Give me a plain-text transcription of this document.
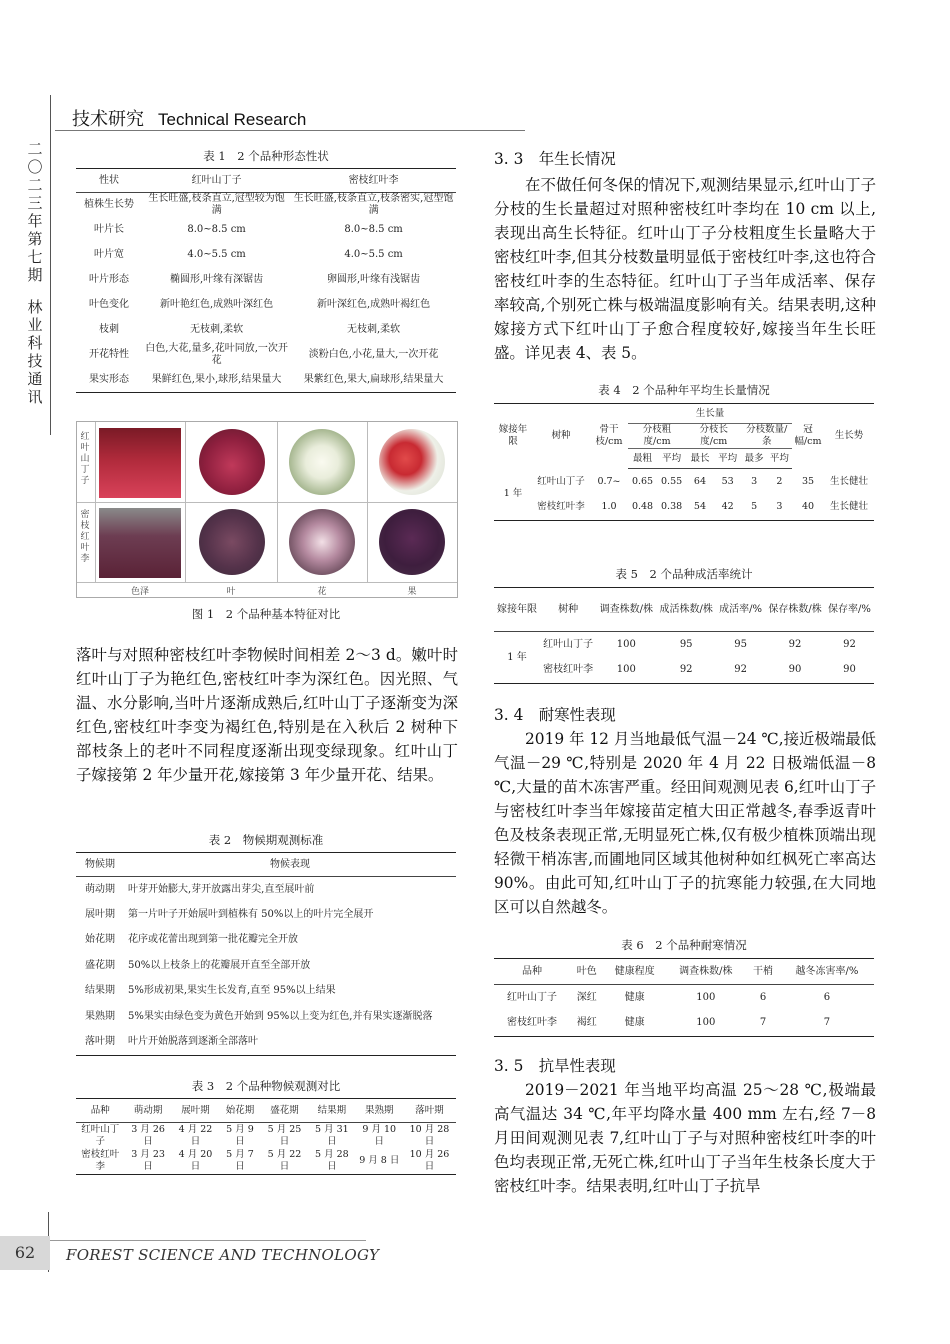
二〇二三年第七期
林业科技通讯
技术研究 Technical Research
表 1　2 个品种形态性状
性状	红叶山丁子	密枝红叶李
植株生长势	生长旺盛,枝条直立,冠型较为饱满	生长旺盛,枝条直立,枝条密实,冠型饱满
叶片长	8.0~8.5 cm	8.0~8.5 cm
叶片宽	4.0~5.5 cm	4.0~5.5 cm
叶片形态	椭圆形,叶缘有深锯齿	卵圆形,叶缘有浅锯齿
叶色变化	新叶艳红色,成熟叶深红色	新叶深红色,成熟叶褐红色
枝刺	无枝刺,柔软	无枝刺,柔软
开花特性	白色,大花,量多,花叶同放,一次开花	淡粉白色,小花,量大,一次开花
果实形态	果鲜红色,果小,球形,结果量大	果紫红色,果大,扁球形,结果量大
红叶山丁子
密枝红叶李
色泽	叶	花	果
图 1　2 个品种基本特征对比
落叶与对照种密枝红叶李物候时间相差 2～3 d。嫩叶时红叶山丁子为艳红色,密枝红叶李为深红色。因光照、气温、水分影响,当叶片逐渐成熟后,红叶山丁子逐渐变为深红色,密枝红叶李变为褐红色,特别是在入秋后 2 树种下部枝条上的老叶不同程度逐渐出现变绿现象。红叶山丁子嫁接第 2 年少量开花,嫁接第 3 年少量开花、结果。
表 2　物候期观测标准
物候期	物候表现
萌动期	叶芽开始膨大,芽开放露出芽尖,直至展叶前
展叶期	第一片叶子开始展叶到植株有 50%以上的叶片完全展开
始花期	花序或花蕾出现到第一批花瓣完全开放
盛花期	50%以上枝条上的花瓣展开直至全部开放
结果期	5%形成初果,果实生长发育,直至 95%以上结果
果熟期	5%果实由绿色变为黄色开始到 95%以上变为红色,并有果实逐渐脱落
落叶期	叶片开始脱落到逐渐全部落叶
表 3　2 个品种物候观测对比
品种	萌动期	展叶期	始花期	盛花期	结果期	果熟期	落叶期
红叶山丁子	3 月 26 日	4 月 22 日	5 月 9 日	5 月 25 日	5 月 31 日	9 月 10 日	10 月 28 日
密枝红叶李	3 月 23 日	4 月 20 日	5 月 7 日	5 月 22 日	5 月 28 日	9 月 8 日	10 月 26 日
3. 3　年生长情况
在不做任何冬保的情况下,观测结果显示,红叶山丁子分枝的生长量超过对照种密枝红叶李均在 10 cm 以上,表现出高生长特征。红叶山丁子分枝粗度生长量略大于密枝红叶李,但其分枝数量明显低于密枝红叶李,这也符合密枝红叶李的生态特征。红叶山丁子当年成活率、保存率较高,个别死亡株与极端温度影响有关。结果表明,这种嫁接方式下红叶山丁子愈合程度较好,嫁接当年生长旺盛。详见表 4、表 5。
表 4　2 个品种年平均生长量情况
嫁接年限	树种	骨干枝/cm	生长量						冠幅/cm	生长势
			分枝粗度/cm		分枝长度/cm		分枝数量/条			
			最粗	平均	最长	平均	最多	平均		
1 年	红叶山丁子	0.7~	0.65	0.55	64	53	3	2	35	生长健壮
	密枝红叶李	1.0	0.48	0.38	54	42	5	3	40	生长健壮
表 5　2 个品种成活率统计
嫁接年限	树种	调查株数/株	成活株数/株	成活率/%	保存株数/株	保存率/%
1 年	红叶山丁子	100	95	95	92	92
	密枝红叶李	100	92	92	90	90
3. 4　耐寒性表现
2019 年 12 月当地最低气温－24 ℃,接近极端最低气温－29 ℃,特别是 2020 年 4 月 22 日极端低温－8 ℃,大量的苗木冻害严重。经田间观测见表 6,红叶山丁子与密枝红叶李当年嫁接苗定植大田正常越冬,春季返青叶色及枝条表现正常,无明显死亡株,仅有极少植株顶端出现轻微干梢冻害,而圃地同区域其他树种如红枫死亡率高达 90%。由此可知,红叶山丁子的抗寒能力较强,在大同地区可以自然越冬。
表 6　2 个品种耐寒情况
品种	叶色	健康程度	调查株数/株	干梢	越冬冻害率/%
红叶山丁子	深红	健康	100	6	6
密枝红叶李	褐红	健康	100	7	7
3. 5　抗旱性表现
2019－2021 年当地平均高温 25～28 ℃,极端最高气温达 34 ℃,年平均降水量 400 mm 左右,经 7－8 月田间观测见表 7,红叶山丁子与对照种密枝红叶李的叶色均表现正常,无死亡株,红叶山丁子当年生枝条长度大于密枝红叶李。结果表明,红叶山丁子抗旱
62	FOREST SCIENCE AND TECHNOLOGY
